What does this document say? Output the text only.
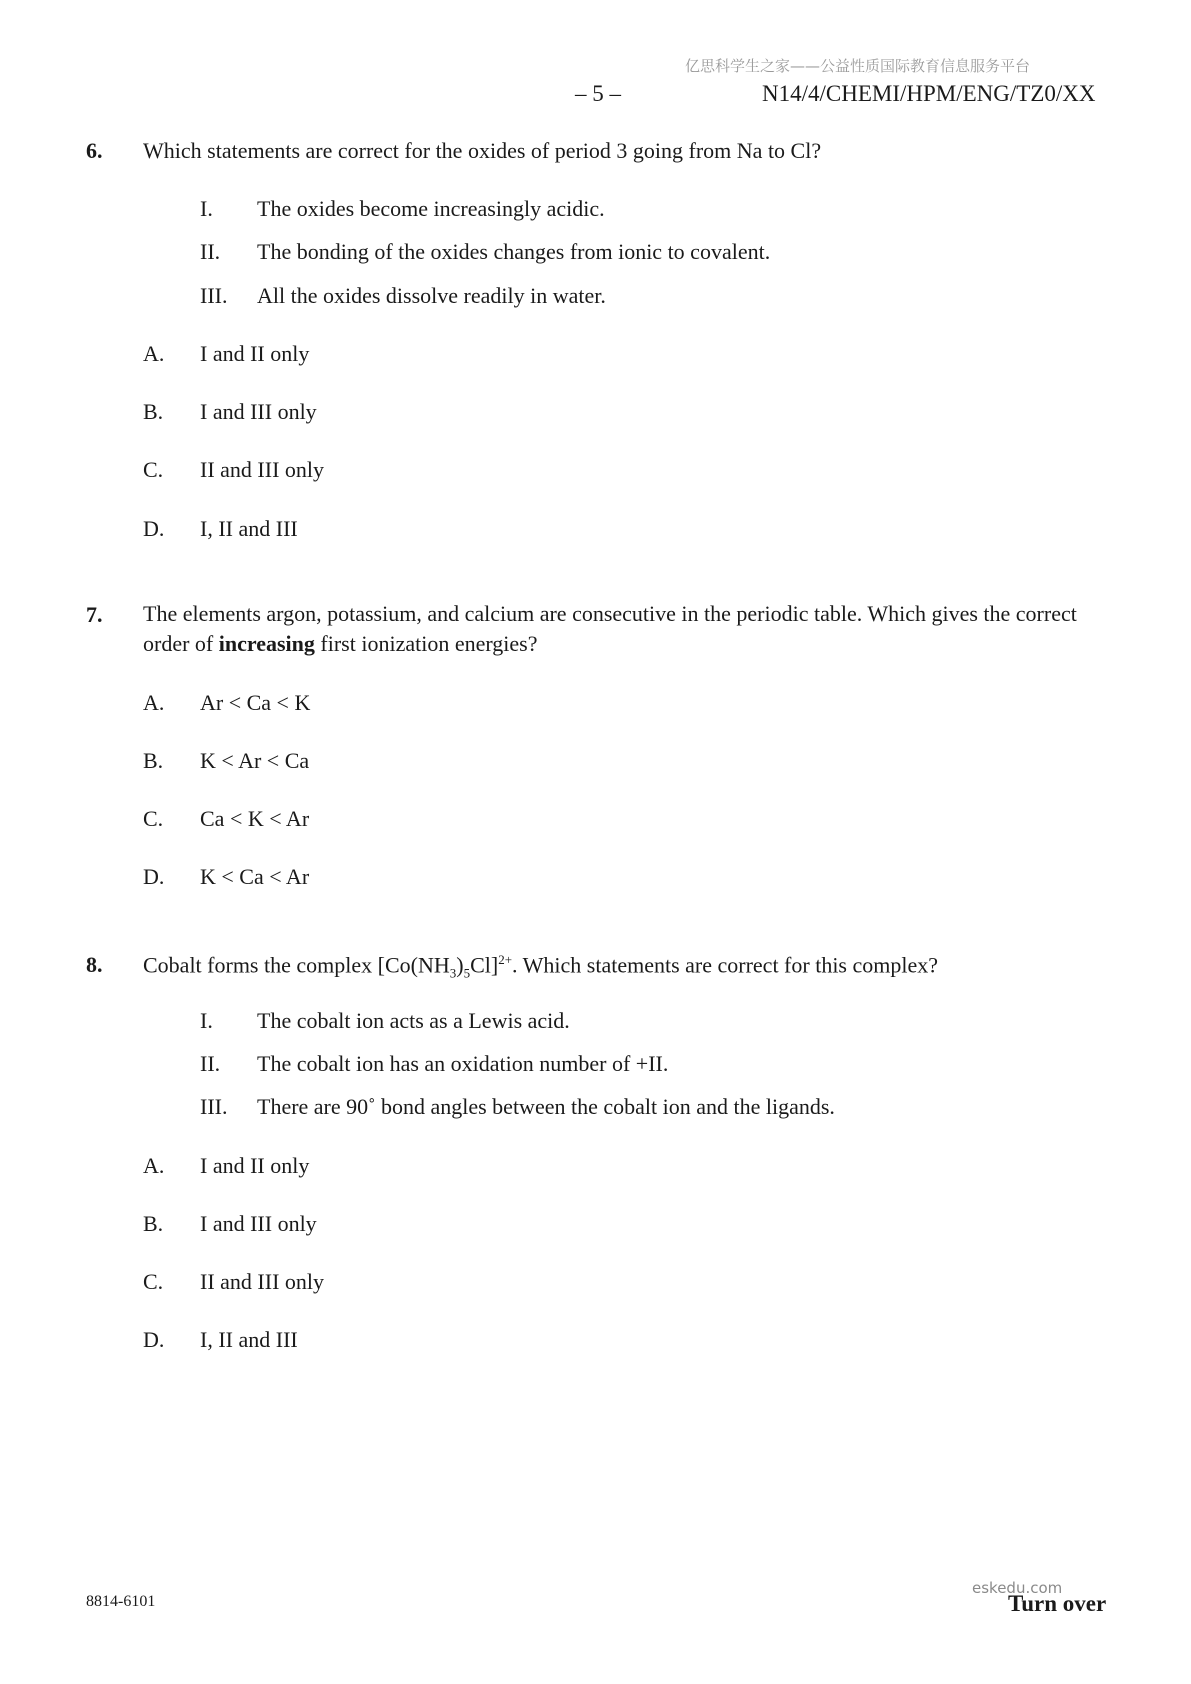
亿思科学生之家——公益性质国际教育信息服务平台
– 5 –	N14/4/CHEMI/HPM/ENG/TZ0/XX
6. Which statements are correct for the oxides of period 3 going from Na to Cl?
I. The oxides become increasingly acidic.
II. The bonding of the oxides changes from ionic to covalent.
III. All the oxides dissolve readily in water.
A. I and II only
B. I and III only
C. II and III only
D. I, II and III
7. The elements argon, potassium, and calcium are consecutive in the periodic table. Which gives the correct order of increasing first ionization energies?
A. Ar < Ca < K
B. K < Ar < Ca
C. Ca < K < Ar
D. K < Ca < Ar
8. Cobalt forms the complex $[Co(NH_3)_5Cl]^{2+}$. Which statements are correct for this complex?
I. The cobalt ion acts as a Lewis acid.
II. The cobalt ion has an oxidation number of +II.
III. There are 90˚ bond angles between the cobalt ion and the ligands.
A. I and II only
B. I and III only
C. II and III only
D. I, II and III
8814-6101
eskedu.com
Turn over
